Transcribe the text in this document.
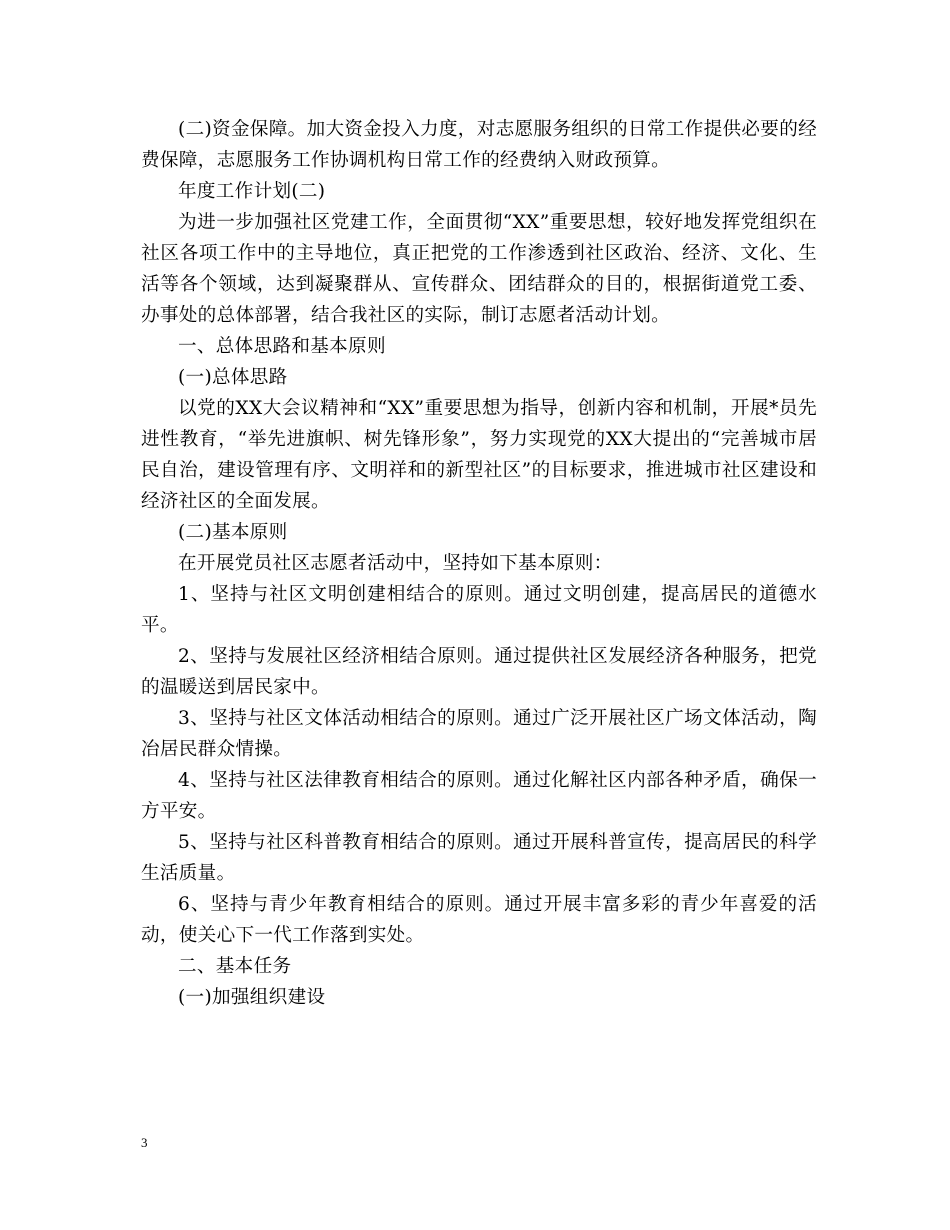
(二)资金保障。加大资金投入力度，对志愿服务组织的日常工作提供必要的经费保障，志愿服务工作协调机构日常工作的经费纳入财政预算。

年度工作计划(二)

为进一步加强社区党建工作，全面贯彻“XX”重要思想，较好地发挥党组织在社区各项工作中的主导地位，真正把党的工作渗透到社区政治、经济、文化、生活等各个领域，达到凝聚群从、宣传群众、团结群众的目的，根据街道党工委、办事处的总体部署，结合我社区的实际，制订志愿者活动计划。

一、总体思路和基本原则

(一)总体思路

以党的XX大会议精神和“XX”重要思想为指导，创新内容和机制，开展*员先进性教育，“举先进旗帜、树先锋形象”，努力实现党的XX大提出的“完善城市居民自治，建设管理有序、文明祥和的新型社区”的目标要求，推进城市社区建设和经济社区的全面发展。

(二)基本原则

在开展党员社区志愿者活动中，坚持如下基本原则：

1、坚持与社区文明创建相结合的原则。通过文明创建，提高居民的道德水平。

2、坚持与发展社区经济相结合原则。通过提供社区发展经济各种服务，把党的温暖送到居民家中。

3、坚持与社区文体活动相结合的原则。通过广泛开展社区广场文体活动，陶冶居民群众情操。

4、坚持与社区法律教育相结合的原则。通过化解社区内部各种矛盾，确保一方平安。

5、坚持与社区科普教育相结合的原则。通过开展科普宣传，提高居民的科学生活质量。

6、坚持与青少年教育相结合的原则。通过开展丰富多彩的青少年喜爱的活动，使关心下一代工作落到实处。

二、基本任务

(一)加强组织建设

3
